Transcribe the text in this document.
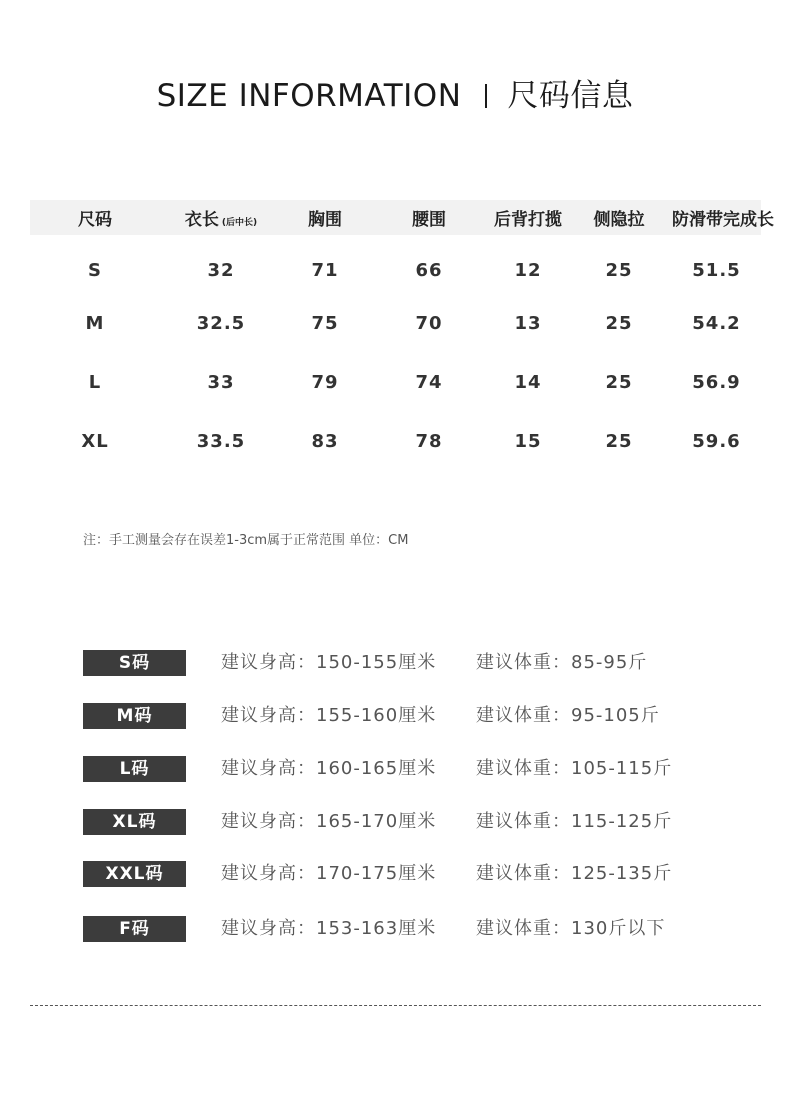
SIZE INFORMATION 尺码信息
尺码	衣长 (后中长)	胸围	腰围	后背打揽	侧隐拉	防滑带完成长
S	32	71	66	12	25	51.5
M	32.5	75	70	13	25	54.2
L	33	79	74	14	25	56.9
XL	33.5	83	78	15	25	59.6
注：手工测量会存在误差1-3cm属于正常范围 单位：CM
S码	建议身高：150-155厘米 建议体重：85-95斤
M码	建议身高：155-160厘米 建议体重：95-105斤
L码	建议身高：160-165厘米 建议体重：105-115斤
XL码	建议身高：165-170厘米 建议体重：115-125斤
XXL码	建议身高：170-175厘米 建议体重：125-135斤
F码	建议身高：153-163厘米 建议体重：130斤以下
